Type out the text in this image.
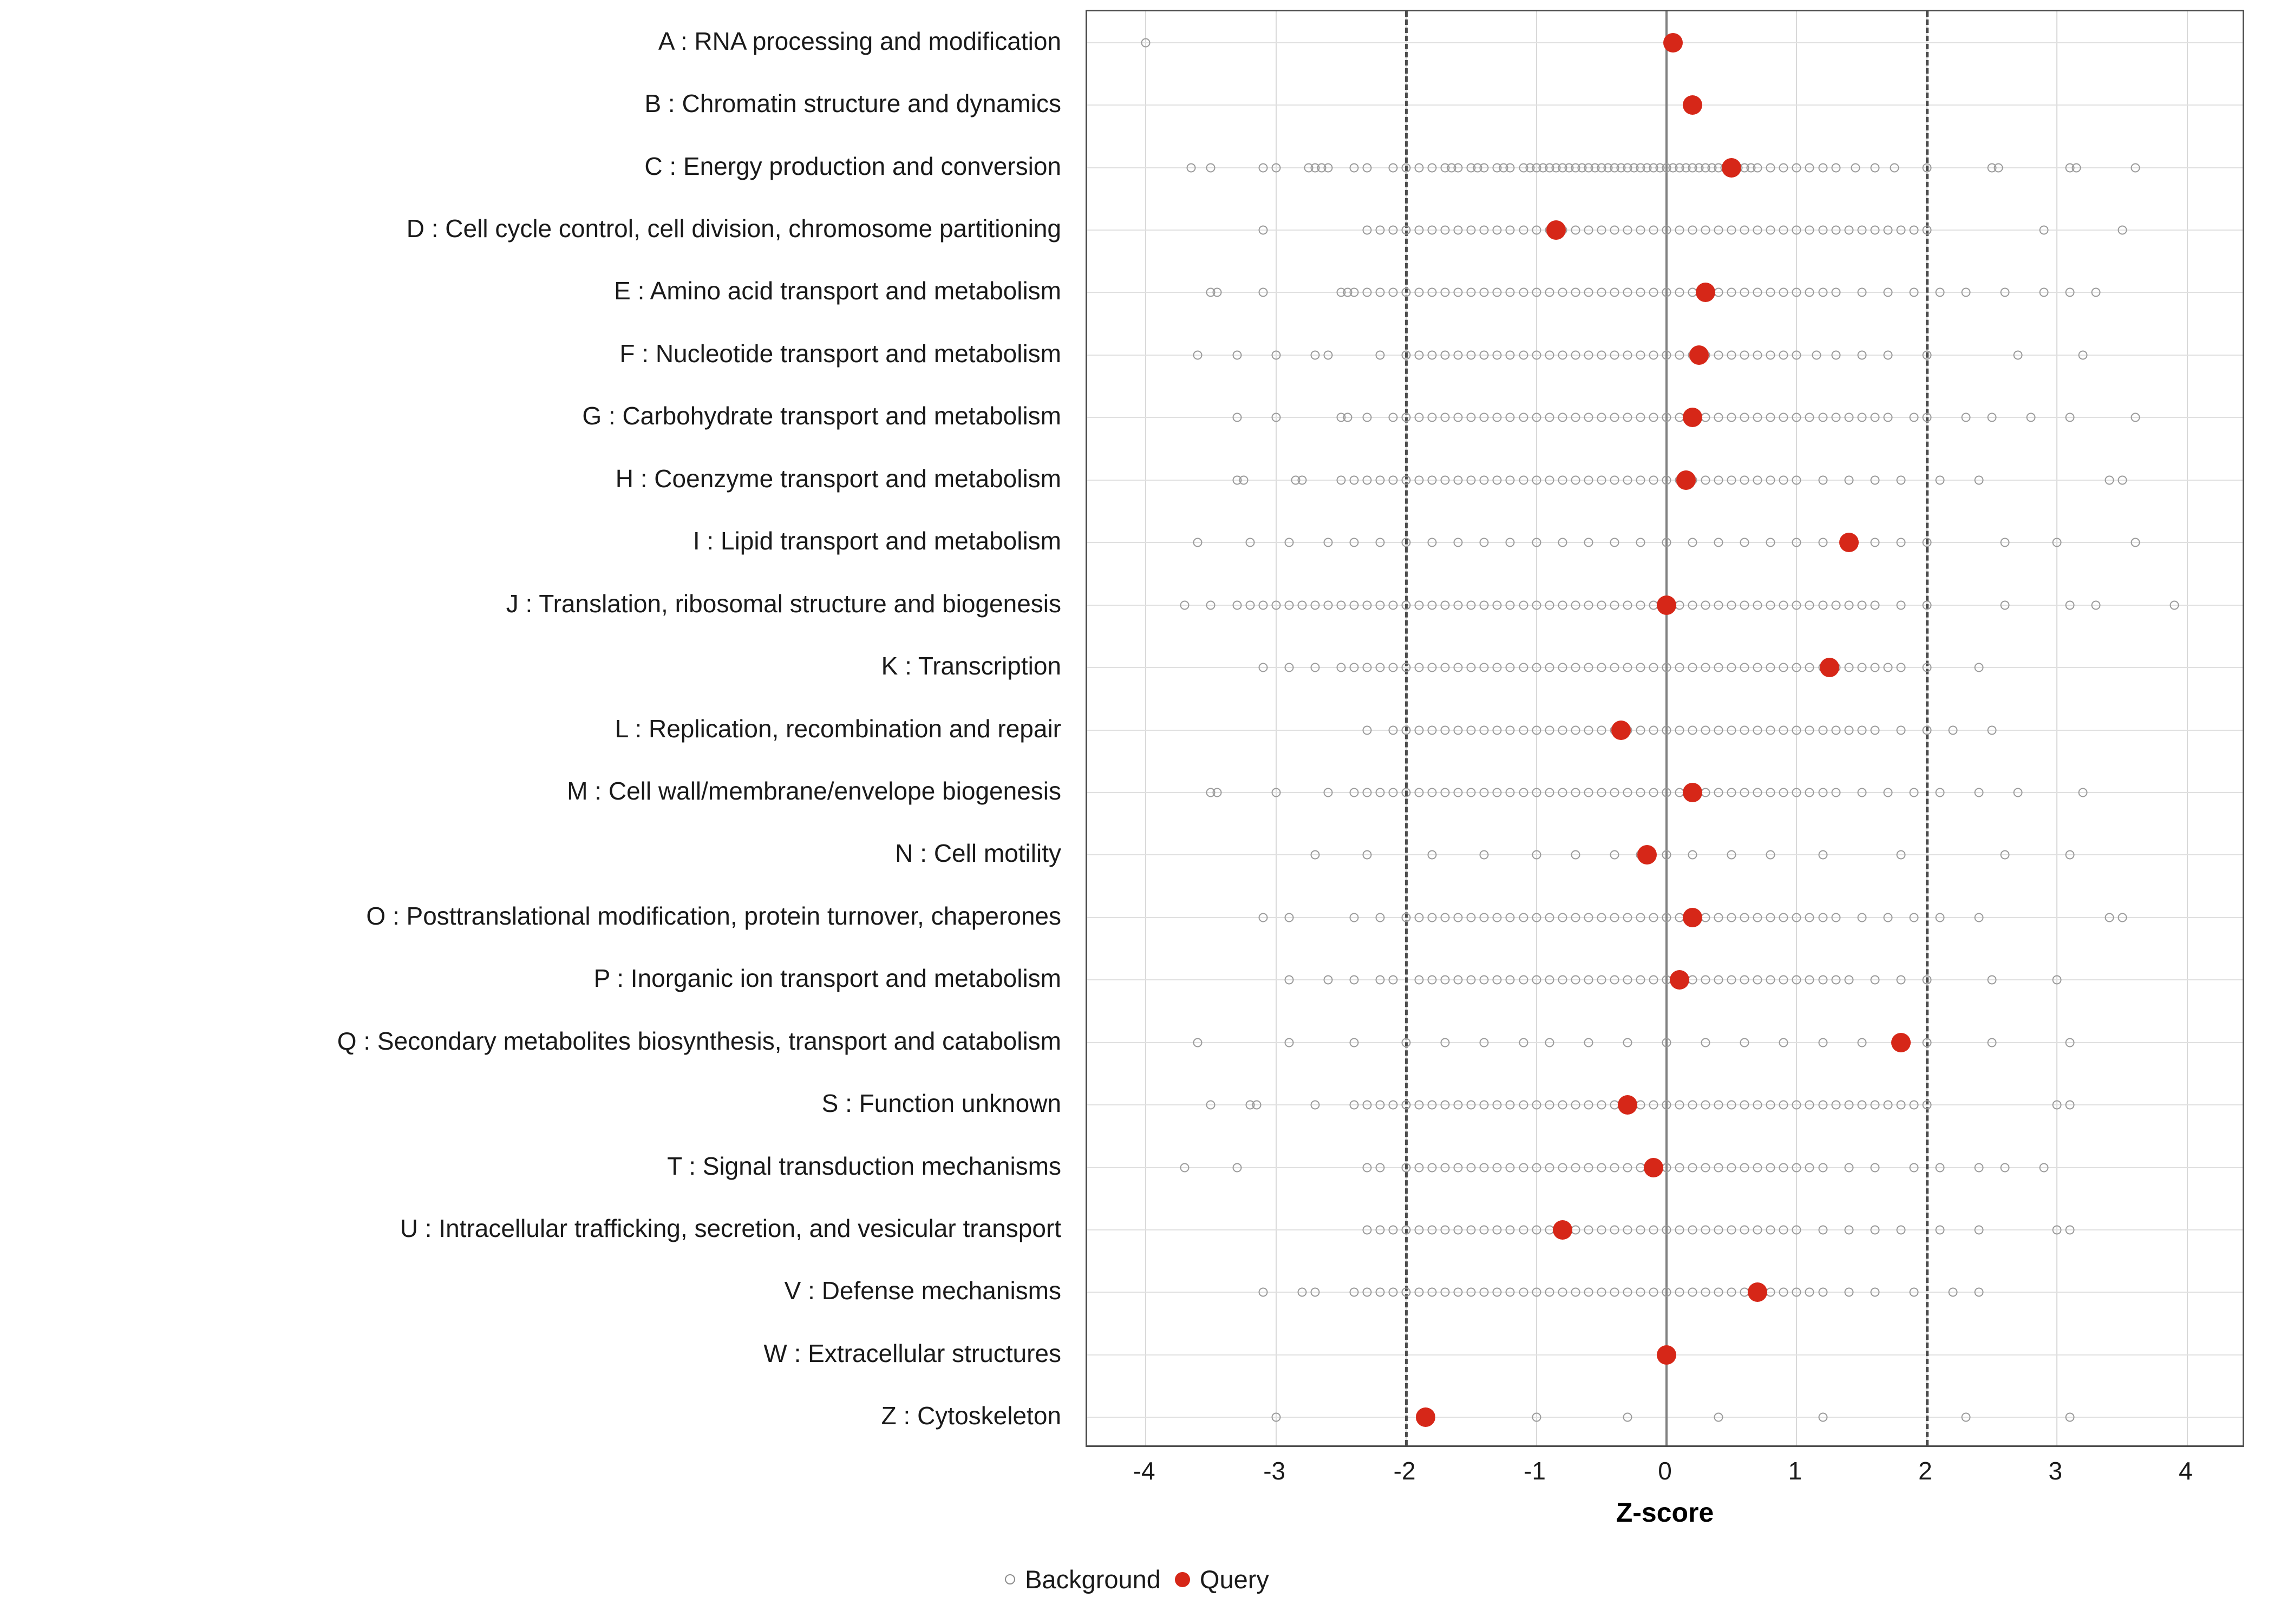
A : RNA processing and modification
B : Chromatin structure and dynamics
C : Energy production and conversion
D : Cell cycle control, cell division, chromosome partitioning
E : Amino acid transport and metabolism
F : Nucleotide transport and metabolism
G : Carbohydrate transport and metabolism
H : Coenzyme transport and metabolism
I : Lipid transport and metabolism
J : Translation, ribosomal structure and biogenesis
K : Transcription
L : Replication, recombination and repair
M : Cell wall/membrane/envelope biogenesis
N : Cell motility
O : Posttranslational modification, protein turnover, chaperones
P : Inorganic ion transport and metabolism
Q : Secondary metabolites biosynthesis, transport and catabolism
S : Function unknown
T : Signal transduction mechanisms
U : Intracellular trafficking, secretion, and vesicular transport
V : Defense mechanisms
W : Extracellular structures
Z : Cytoskeleton
Z-score
Background Query
-4	-3	-2	-1	0	1	2	3	4
